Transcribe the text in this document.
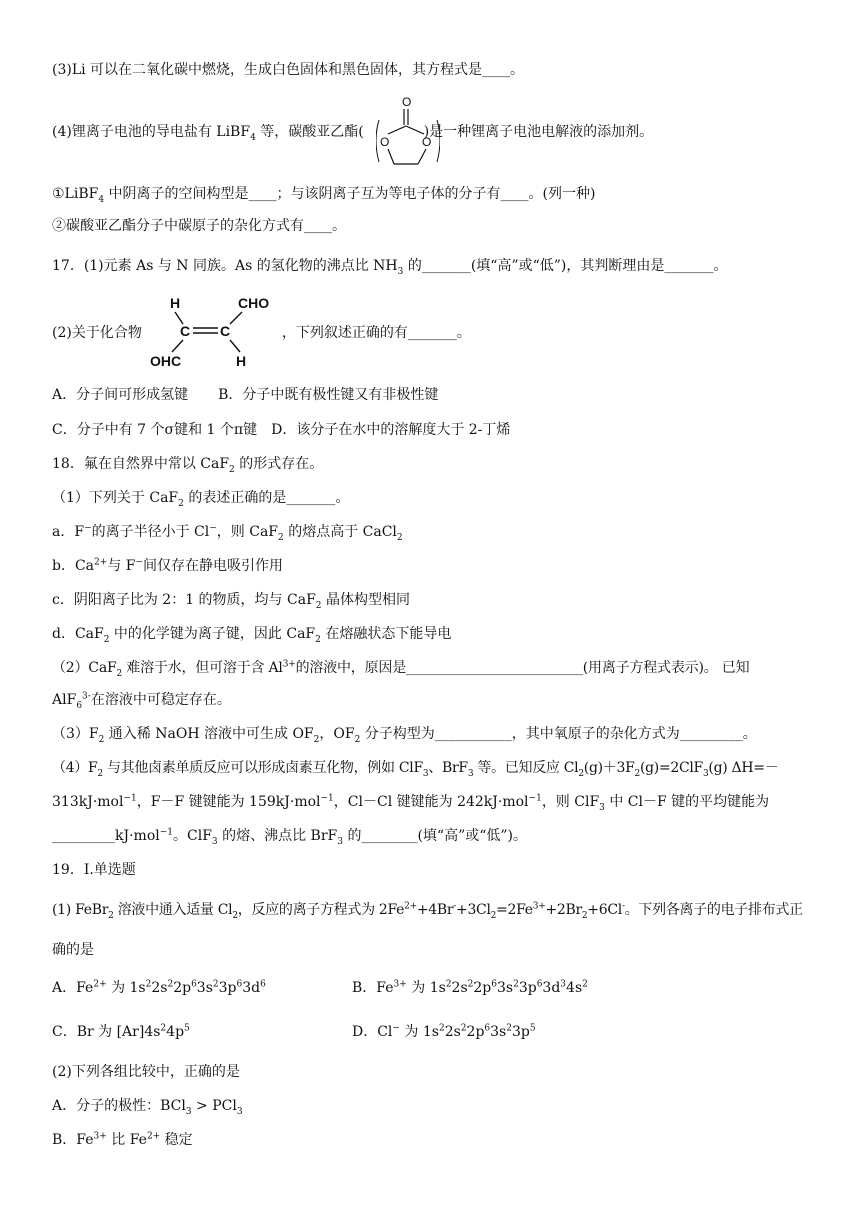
(3)Li 可以在二氧化碳中燃烧，生成白色固体和黑色固体，其方程式是____。
(4)锂离子电池的导电盐有 LiBF$_4$ 等，碳酸亚乙酯(	)是一种锂离子电池电解液的添加剂。
O
O	O
①LiBF$_4$ 中阴离子的空间构型是____；与该阴离子互为等电子体的分子有____。(列一种)
②碳酸亚乙酯分子中碳原子的杂化方式有____。
17．(1)元素 As 与 N 同族。As 的氢化物的沸点比 $NH_3$ 的_______(填“高”或“低”)，其判断理由是_______。
(2)关于化合物	，下列叙述正确的有_______。
H	CHO
C C
OHC	H
A．分子间可形成氢键 B．分子中既有极性键又有非极性键
C．分子中有 7 个σ键和 1 个π键 D．该分子在水中的溶解度大于 2-丁烯
18．氟在自然界中常以 CaF$_2$ 的形式存在。
（1）下列关于 CaF$_2$ 的表述正确的是_______。
a．F−的离子半径小于 Cl−，则 CaF$_2$ 的熔点高于 CaCl$_2$
b．$Ca^{2+}$与 F−间仅存在静电吸引作用
c．阴阳离子比为 2：1 的物质，均与 CaF$_2$ 晶体构型相同
d．CaF$_2$ 中的化学键为离子键，因此 CaF$_2$ 在熔融状态下能导电
（2）CaF$_2$ 难溶于水，但可溶于含 $Al^{3+}$的溶液中，原因是__________________________(用离子方程式表示)。 已知
AlF$_6^{3-}$在溶液中可稳定存在。
$(3)F_2$ 通入稀 NaOH 溶液中可生成 $OF_2$，$OF_2$ 分子构型为___________，其中氧原子的杂化方式为_________。
$(4)F_2$ 与其他卤素单质反应可以形成卤素互化物，例如 ClF$_3$、BrF$_3$ 等。已知反应 $Cl_2(g)+3F_2(g)=2ClF_3(g)$ ΔH=－
313kJ·mol$^{-1}$，F－F 键键能为 159kJ·mol$^{-1}$，Cl－Cl 键键能为 242kJ·mol$^{-1}$，则 ClF$_3$ 中 Cl－F 键的平均键能为
_________kJ·mol$^{-1}$。ClF$_3$ 的熔、沸点比 BrF$_3$ 的________(填“高”或“低”)。
19．I.单选题
(1) FeBr$_2$ 溶液中通入适量 $Cl_2$，反应的离子方程式为 $2Fe^{2+}+4Br^-+3Cl_2=2Fe^{3+}+2Br_2+6Cl^-$。下列各离子的电子排布式正
确的是
A．$Fe^{2+}$ 为 $1s^22s^22p^63s^23p^63d^6$	B．$Fe^{3+}$ 为 $1s^22s^22p^63s^23p^63d^34s^2$
C．Br 为 $[Ar]4s^24p^5$	D．Cl− 为 $1s^22s^22p^63s^23p^5$
(2)下列各组比较中，正确的是
A．分子的极性：BCl$_3$ > PCl$_3$
B．$Fe^{3+}$ 比 $Fe^{2+}$ 稳定
